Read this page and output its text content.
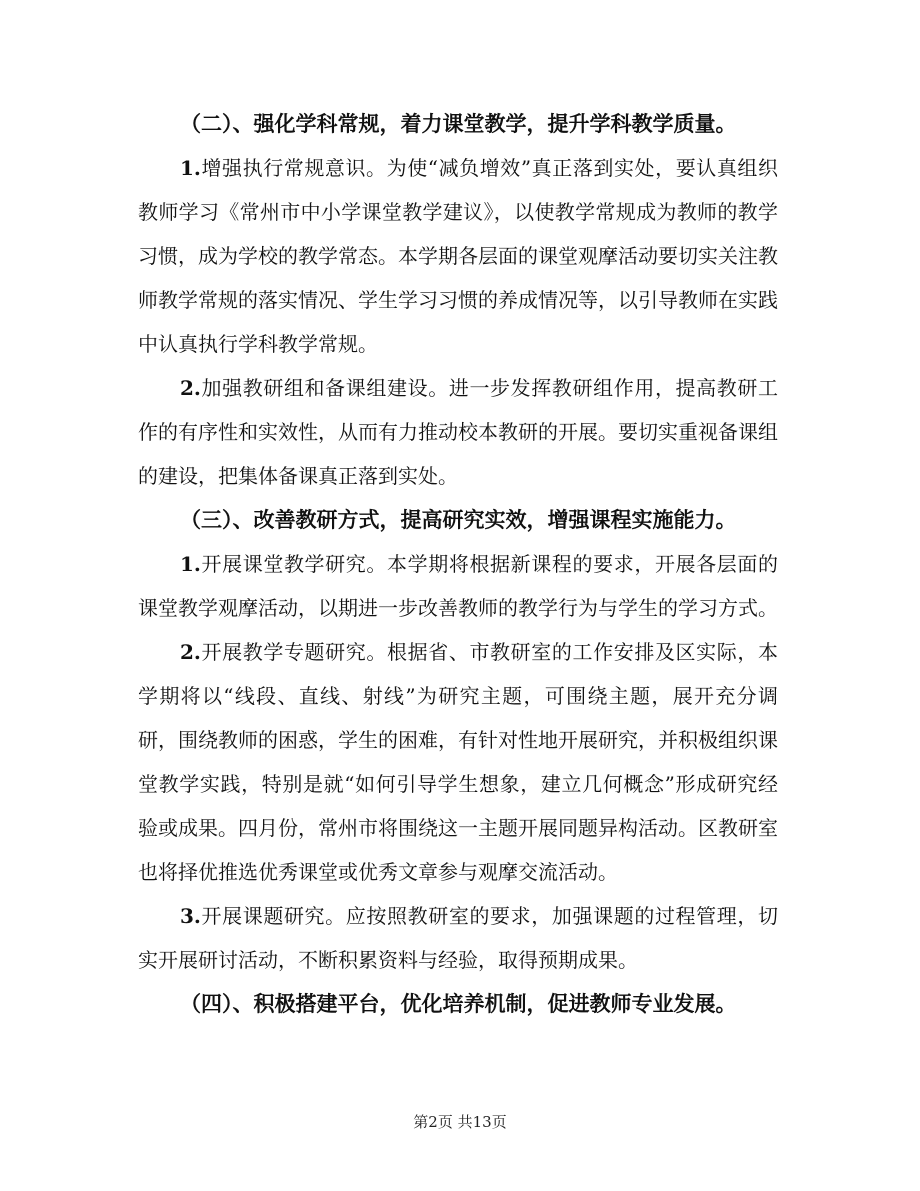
（二）、强化学科常规，着力课堂教学，提升学科教学质量。

1.增强执行常规意识。为使“减负增效”真正落到实处，要认真组织教师学习《常州市中小学课堂教学建议》，以使教学常规成为教师的教学习惯，成为学校的教学常态。本学期各层面的课堂观摩活动要切实关注教师教学常规的落实情况、学生学习习惯的养成情况等，以引导教师在实践中认真执行学科教学常规。

2.加强教研组和备课组建设。进一步发挥教研组作用，提高教研工作的有序性和实效性，从而有力推动校本教研的开展。要切实重视备课组的建设，把集体备课真正落到实处。

（三）、改善教研方式，提高研究实效，增强课程实施能力。

1.开展课堂教学研究。本学期将根据新课程的要求，开展各层面的课堂教学观摩活动，以期进一步改善教师的教学行为与学生的学习方式。

2.开展教学专题研究。根据省、市教研室的工作安排及区实际，本学期将以“线段、直线、射线”为研究主题，可围绕主题，展开充分调研，围绕教师的困惑，学生的困难，有针对性地开展研究，并积极组织课堂教学实践，特别是就“如何引导学生想象，建立几何概念”形成研究经验或成果。四月份，常州市将围绕这一主题开展同题异构活动。区教研室也将择优推选优秀课堂或优秀文章参与观摩交流活动。

3.开展课题研究。应按照教研室的要求，加强课题的过程管理，切实开展研讨活动，不断积累资料与经验，取得预期成果。

（四）、积极搭建平台，优化培养机制，促进教师专业发展。

第2页 共13页
